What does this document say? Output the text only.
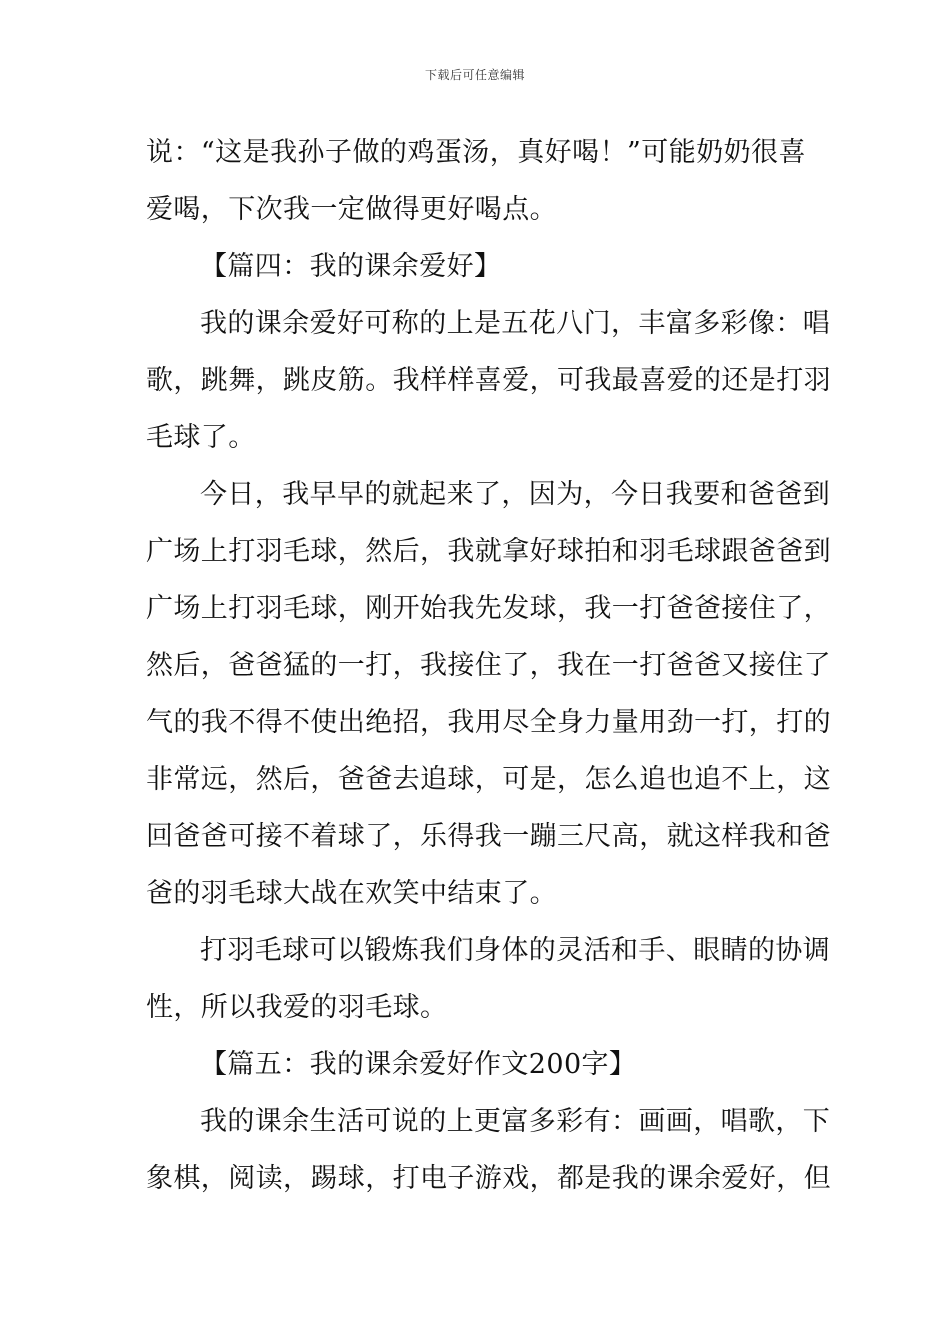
下载后可任意编辑
说：“这是我孙子做的鸡蛋汤，真好喝！”可能奶奶很喜
爱喝，下次我一定做得更好喝点。
【篇四：我的课余爱好】
我的课余爱好可称的上是五花八门，丰富多彩像：唱
歌，跳舞，跳皮筋。我样样喜爱，可我最喜爱的还是打羽
毛球了。
今日，我早早的就起来了，因为，今日我要和爸爸到
广场上打羽毛球，然后，我就拿好球拍和羽毛球跟爸爸到
广场上打羽毛球，刚开始我先发球，我一打爸爸接住了，
然后，爸爸猛的一打，我接住了，我在一打爸爸又接住了
气的我不得不使出绝招，我用尽全身力量用劲一打，打的
非常远，然后，爸爸去追球，可是，怎么追也追不上，这
回爸爸可接不着球了，乐得我一蹦三尺高，就这样我和爸
爸的羽毛球大战在欢笑中结束了。
打羽毛球可以锻炼我们身体的灵活和手、眼睛的协调
性，所以我爱的羽毛球。
【篇五：我的课余爱好作文200字】
我的课余生活可说的上更富多彩有：画画，唱歌，下
象棋，阅读，踢球，打电子游戏，都是我的课余爱好，但
